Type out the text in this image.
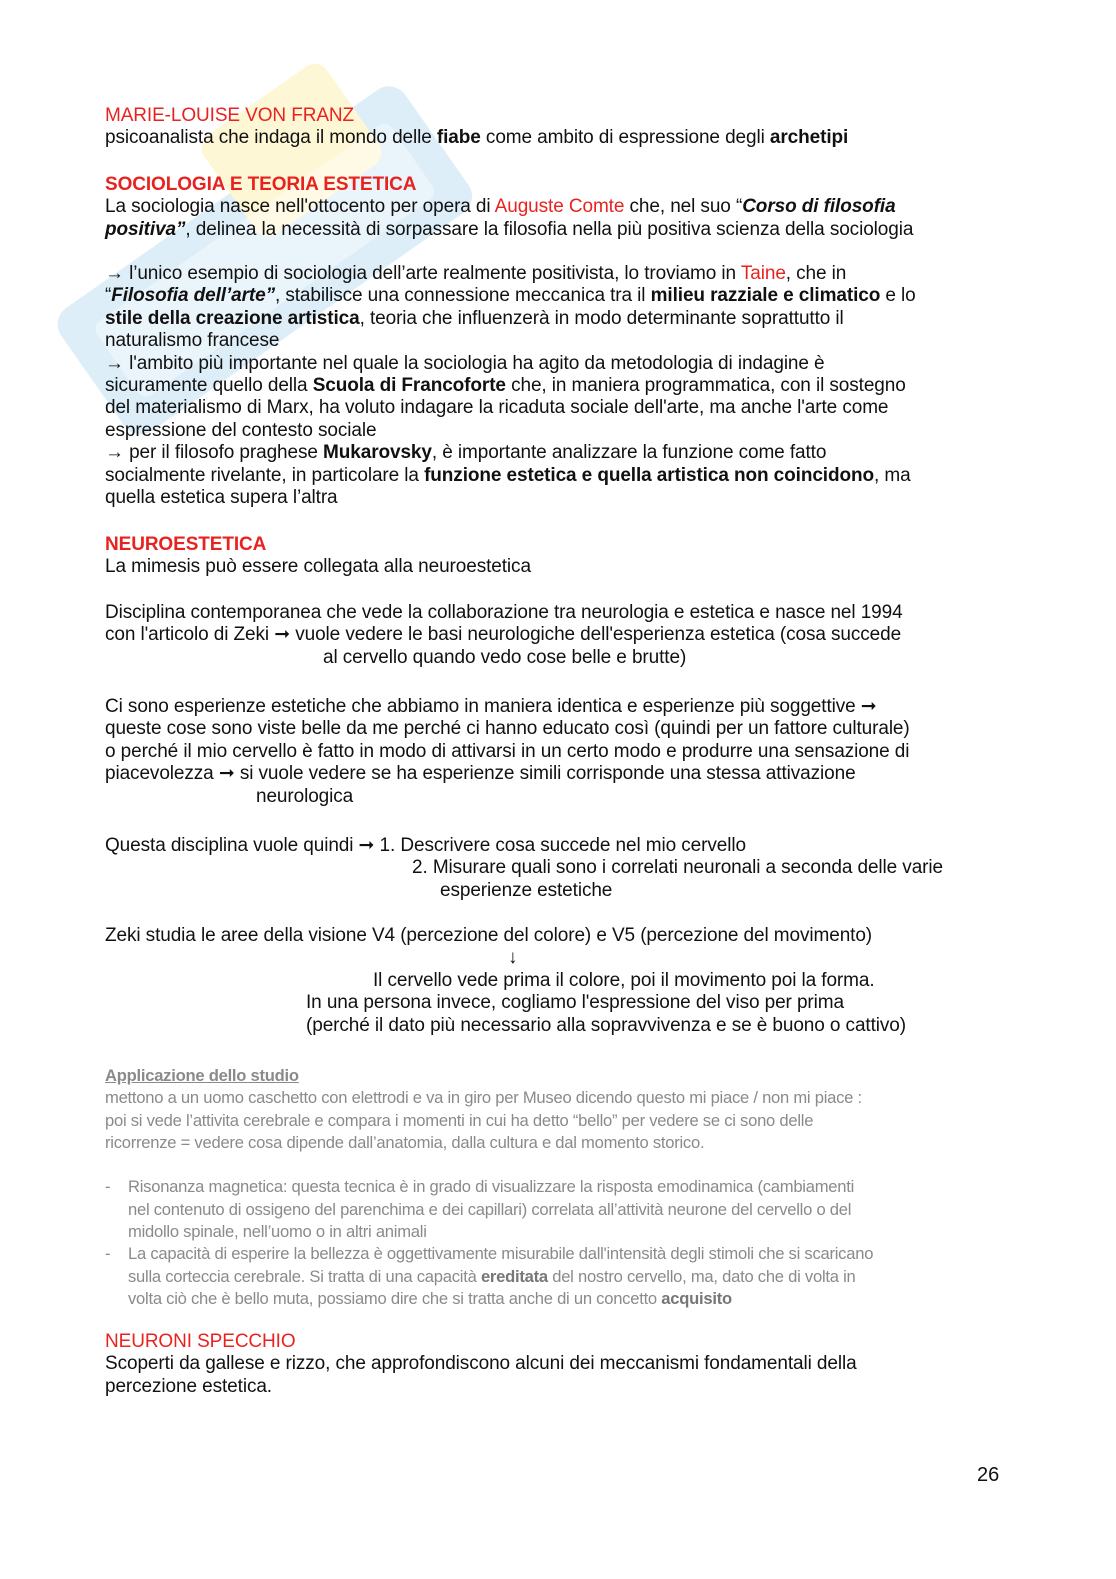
MARIE-LOUISE VON FRANZ
psicoanalista che indaga il mondo delle fiabe come ambito di espressione degli archetipi
SOCIOLOGIA E TEORIA ESTETICA
La sociologia nasce nell'ottocento per opera di Auguste Comte che, nel suo “Corso di filosofia
positiva”, delinea la necessità di sorpassare la filosofia nella più positiva scienza della sociologia
→ l’unico esempio di sociologia dell’arte realmente positivista, lo troviamo in Taine, che in
“Filosofia dell’arte”, stabilisce una connessione meccanica tra il milieu razziale e climatico e lo
stile della creazione artistica, teoria che influenzerà in modo determinante soprattutto il
naturalismo francese
→ l'ambito più importante nel quale la sociologia ha agito da metodologia di indagine è
sicuramente quello della Scuola di Francoforte che, in maniera programmatica, con il sostegno
del materialismo di Marx, ha voluto indagare la ricaduta sociale dell'arte, ma anche l'arte come
espressione del contesto sociale
→ per il filosofo praghese Mukarovsky, è importante analizzare la funzione come fatto
socialmente rivelante, in particolare la funzione estetica e quella artistica non coincidono, ma
quella estetica supera l’altra
NEUROESTETICA
La mimesis può essere collegata alla neuroestetica
Disciplina contemporanea che vede la collaborazione tra neurologia e estetica e nasce nel 1994
con l'articolo di Zeki ➞ vuole vedere le basi neurologiche dell'esperienza estetica (cosa succede
al cervello quando vedo cose belle e brutte)
Ci sono esperienze estetiche che abbiamo in maniera identica e esperienze più soggettive ➞
queste cose sono viste belle da me perché ci hanno educato così (quindi per un fattore culturale)
o perché il mio cervello è fatto in modo di attivarsi in un certo modo e produrre una sensazione di
piacevolezza ➞ si vuole vedere se ha esperienze simili corrisponde una stessa attivazione
neurologica
Questa disciplina vuole quindi ➞ 1. Descrivere cosa succede nel mio cervello
2. Misurare quali sono i correlati neuronali a seconda delle varie
esperienze estetiche
Zeki studia le aree della visione V4 (percezione del colore) e V5 (percezione del movimento)
↓
Il cervello vede prima il colore, poi il movimento poi la forma.
In una persona invece, cogliamo l'espressione del viso per prima
(perché il dato più necessario alla sopravvivenza e se è buono o cattivo)
Applicazione dello studio
mettono a un uomo caschetto con elettrodi e va in giro per Museo dicendo questo mi piace / non mi piace :
poi si vede l’attivita cerebrale e compara i momenti in cui ha detto “bello” per vedere se ci sono delle
ricorrenze = vedere cosa dipende dall’anatomia, dalla cultura e dal momento storico.
- Risonanza magnetica: questa tecnica è in grado di visualizzare la risposta emodinamica (cambiamenti
nel contenuto di ossigeno del parenchima e dei capillari) correlata all’attività neurone del cervello o del
midollo spinale, nell’uomo o in altri animali
- La capacità di esperire la bellezza è oggettivamente misurabile dall'intensità degli stimoli che si scaricano
sulla corteccia cerebrale. Si tratta di una capacità ereditata del nostro cervello, ma, dato che di volta in
volta ciò che è bello muta, possiamo dire che si tratta anche di un concetto acquisito
NEURONI SPECCHIO
Scoperti da gallese e rizzo, che approfondiscono alcuni dei meccanismi fondamentali della
percezione estetica.
26
